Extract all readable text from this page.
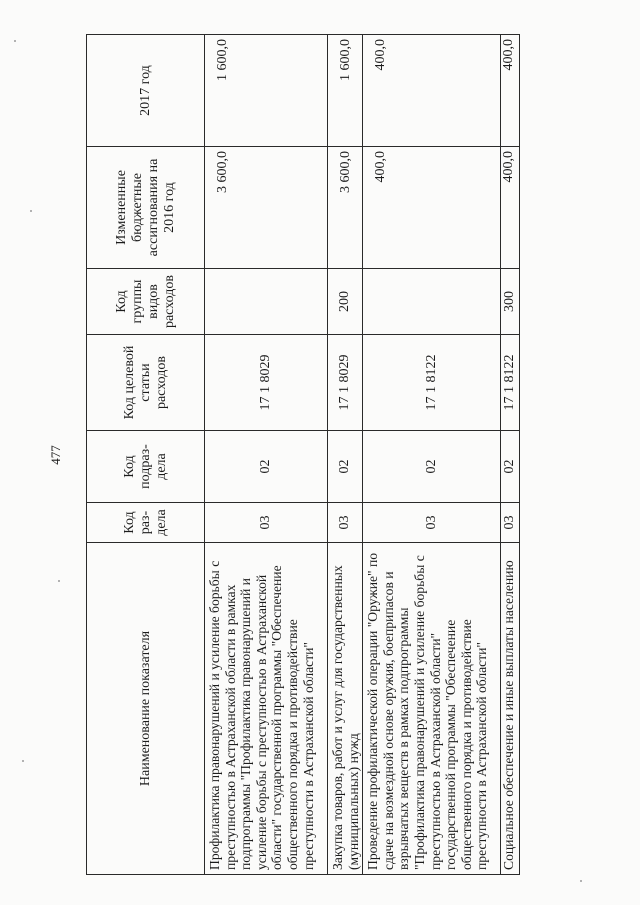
477
Наименование показателя	Код раз-дела	Код подраз-дела	Код целевой статьи расходов	Код группы видов расходов	Измененные бюджетные ассигнования на 2016 год	2017 год
Профилактика правонарушений и усиление борьбы с преступностью в Астраханской области в рамках подпрограммы "Профилактика правонарушений и усиление борьбы с преступностью в Астраханской области" государственной программы "Обеспечение общественного порядка и противодействие преступности в Астраханской области"	03	02	17 1 8029		3 600,0	1 600,0
Закупка товаров, работ и услуг для государственных (муниципальных) нужд	03	02	17 1 8029	200	3 600,0	1 600,0
Проведение профилактической операции "Оружие" по сдаче на возмездной основе оружия, боеприпасов и взрывчатых веществ в рамках подпрограммы "Профилактика правонарушений и усиление борьбы с преступностью в Астраханской области" государственной программы "Обеспечение общественного порядка и противодействие преступности в Астраханской области"	03	02	17 1 8122		400,0	400,0
Социальное обеспечение и иные выплаты населению	03	02	17 1 8122	300	400,0	400,0
